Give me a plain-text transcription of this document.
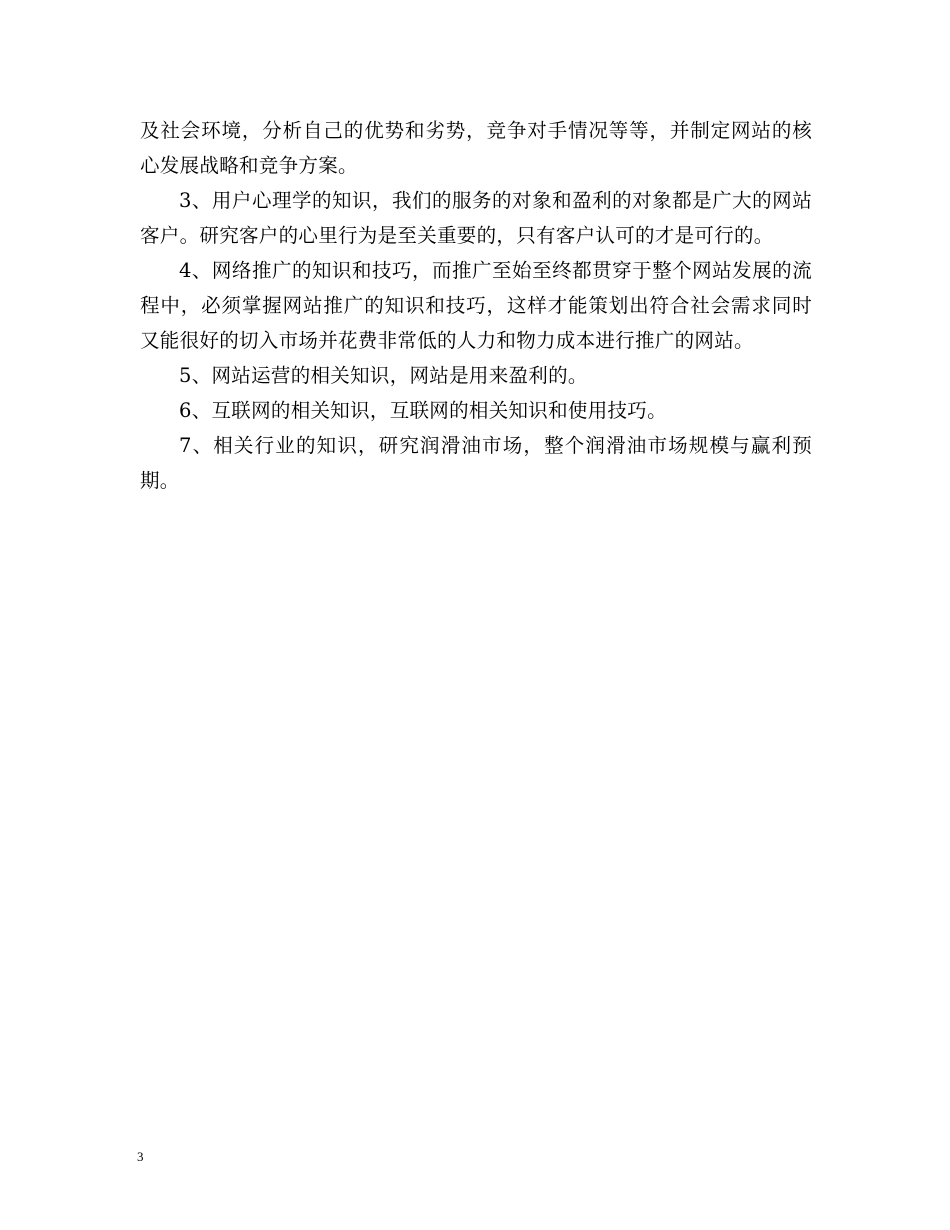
及社会环境，分析自己的优势和劣势，竞争对手情况等等，并制定网站的核心发展战略和竞争方案。

3、用户心理学的知识，我们的服务的对象和盈利的对象都是广大的网站客户。研究客户的心里行为是至关重要的，只有客户认可的才是可行的。

4、网络推广的知识和技巧，而推广至始至终都贯穿于整个网站发展的流程中，必须掌握网站推广的知识和技巧，这样才能策划出符合社会需求同时又能很好的切入市场并花费非常低的人力和物力成本进行推广的网站。

5、网站运营的相关知识，网站是用来盈利的。

6、互联网的相关知识，互联网的相关知识和使用技巧。

7、相关行业的知识，研究润滑油市场，整个润滑油市场规模与赢利预期。

3
